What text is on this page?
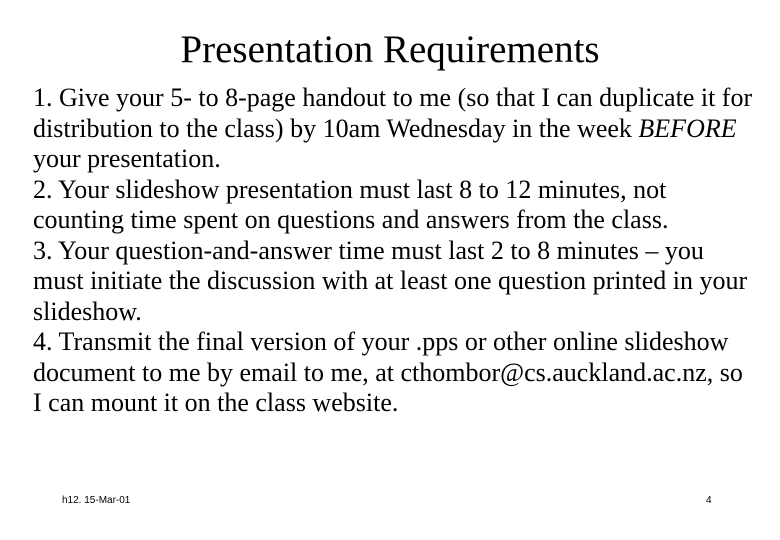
Presentation Requirements

1. Give your 5- to 8-page handout to me (so that I can duplicate it for distribution to the class) by 10am Wednesday in the week BEFORE your presentation.

2. Your slideshow presentation must last 8 to 12 minutes, not counting time spent on questions and answers from the class.

3. Your question-and-answer time must last 2 to 8 minutes – you must initiate the discussion with at least one question printed in your slideshow.

4. Transmit the final version of your .pps or other online slideshow document to me by email to me, at cthombor@cs.auckland.ac.nz, so I can mount it on the class website.

h12. 15-Mar-01	4
